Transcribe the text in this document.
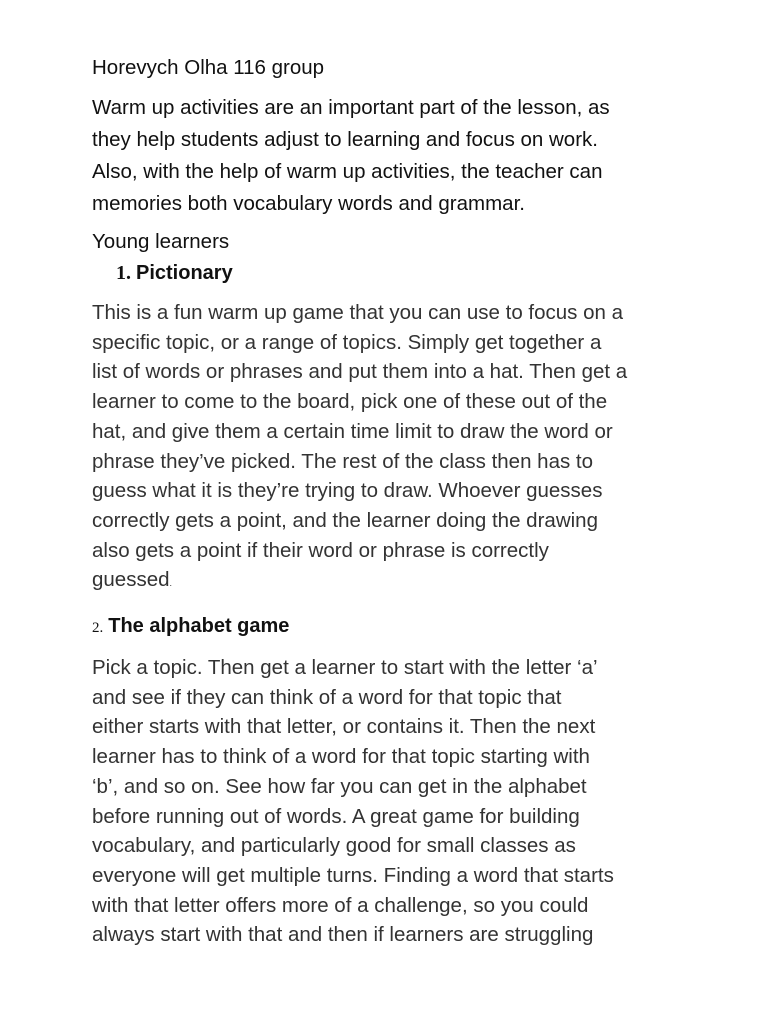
Horevych Olha 116 group

Warm up activities are an important part of the lesson, as
they help students adjust to learning and focus on work.
Also, with the help of warm up activities, the teacher can
memories both vocabulary words and grammar.

Young learners

1. Pictionary

This is a fun warm up game that you can use to focus on a
specific topic, or a range of topics. Simply get together a
list of words or phrases and put them into a hat. Then get a
learner to come to the board, pick one of these out of the
hat, and give them a certain time limit to draw the word or
phrase they’ve picked. The rest of the class then has to
guess what it is they’re trying to draw. Whoever guesses
correctly gets a point, and the learner doing the drawing
also gets a point if their word or phrase is correctly
guessed.

2. The alphabet game

Pick a topic. Then get a learner to start with the letter ‘a’
and see if they can think of a word for that topic that
either starts with that letter, or contains it. Then the next
learner has to think of a word for that topic starting with
‘b’, and so on. See how far you can get in the alphabet
before running out of words. A great game for building
vocabulary, and particularly good for small classes as
everyone will get multiple turns. Finding a word that starts
with that letter offers more of a challenge, so you could
always start with that and then if learners are struggling
